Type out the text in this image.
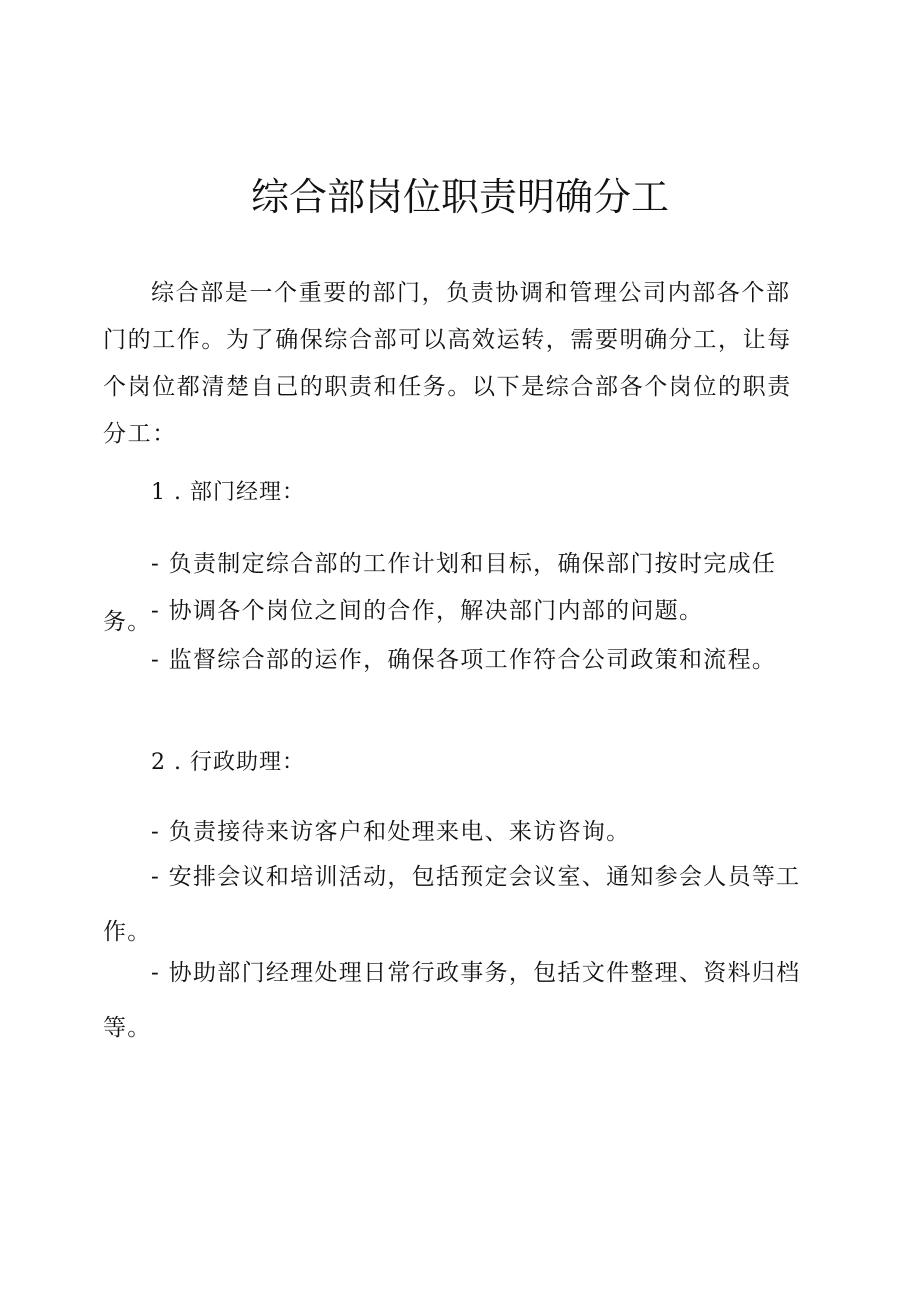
综合部岗位职责明确分工

综合部是一个重要的部门，负责协调和管理公司内部各个部门的工作。为了确保综合部可以高效运转，需要明确分工，让每个岗位都清楚自己的职责和任务。以下是综合部各个岗位的职责分工：

1 . 部门经理：

- 负责制定综合部的工作计划和目标，确保部门按时完成任务。 - 协调各个岗位之间的合作，解决部门内部的问题。

- 监督综合部的运作，确保各项工作符合公司政策和流程。

2 . 行政助理：

- 负责接待来访客户和处理来电、来访咨询。

- 安排会议和培训活动，包括预定会议室、通知参会人员等工作。

- 协助部门经理处理日常行政事务，包括文件整理、资料归档等。
